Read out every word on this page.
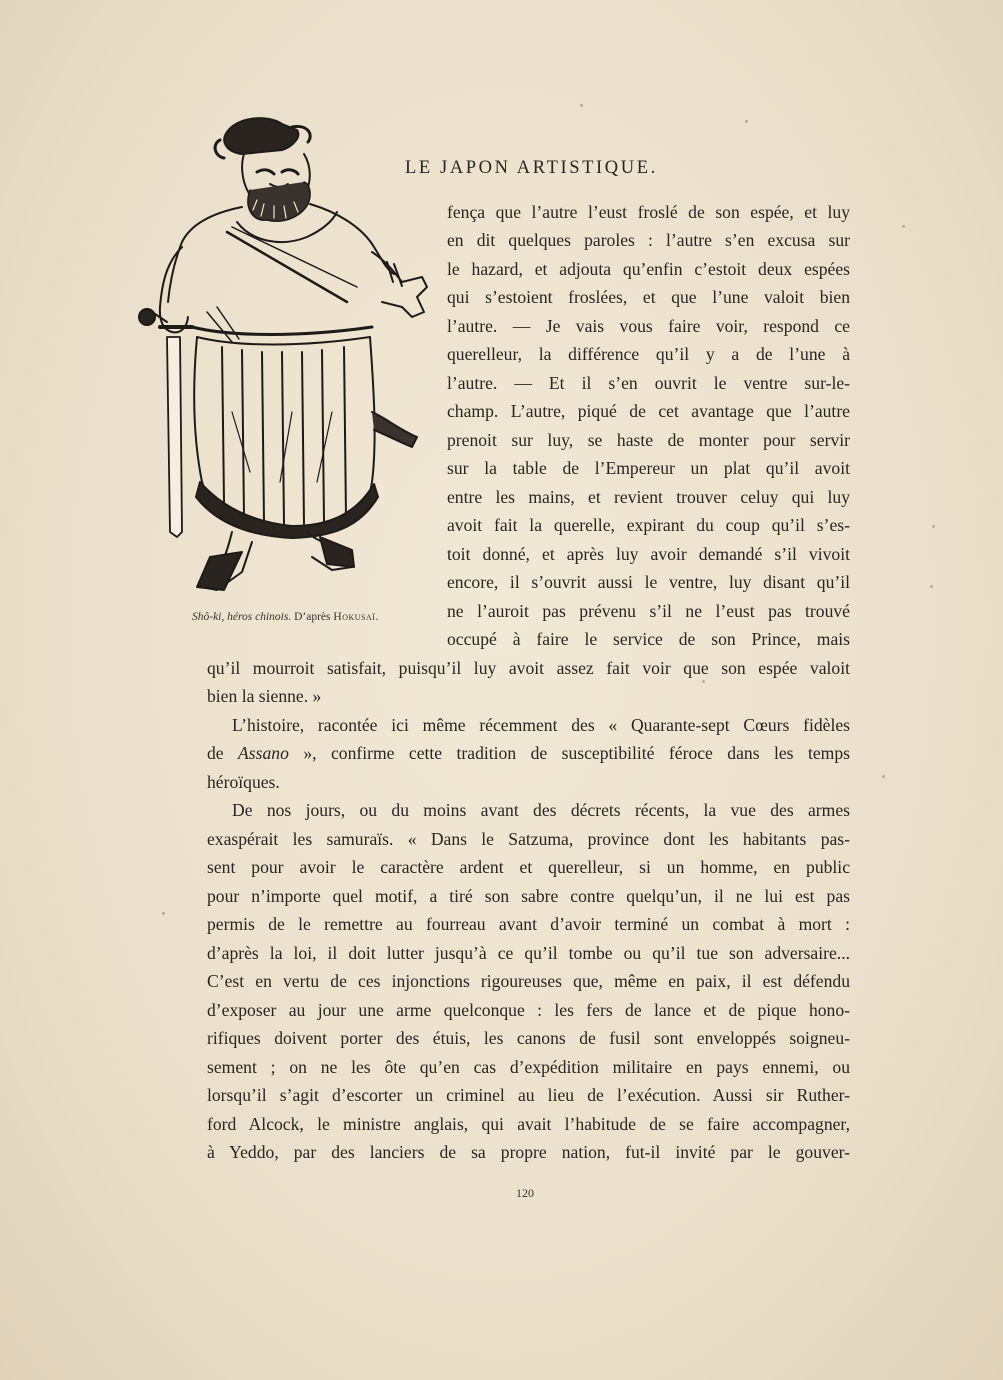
LE JAPON ARTISTIQUE.
Shô-ki, héros chinois. D’après Hokusaï.
fença que l’autre l’eust froslé de son espée, et luy
en dit quelques paroles : l’autre s’en excusa sur
le hazard, et adjouta qu’enfin c’estoit deux espées
qui s’estoient froslées, et que l’une valoit bien
l’autre. — Je vais vous faire voir, respond ce
querelleur, la différence qu’il y a de l’une à
l’autre. — Et il s’en ouvrit le ventre sur-le-
champ. L’autre, piqué de cet avantage que l’autre
prenoit sur luy, se haste de monter pour servir
sur la table de l’Empereur un plat qu’il avoit
entre les mains, et revient trouver celuy qui luy
avoit fait la querelle, expirant du coup qu’il s’es-
toit donné, et après luy avoir demandé s’il vivoit
encore, il s’ouvrit aussi le ventre, luy disant qu’il
ne l’auroit pas prévenu s’il ne l’eust pas trouvé
occupé à faire le service de son Prince, mais
qu’il mourroit satisfait, puisqu’il luy avoit assez fait voir que son espée valoit
bien la sienne. »
L’histoire, racontée ici même récemment des « Quarante-sept Cœurs fidèles
de Assano », confirme cette tradition de susceptibilité féroce dans les temps
héroïques.
De nos jours, ou du moins avant des décrets récents, la vue des armes
exaspérait les samuraïs. « Dans le Satzuma, province dont les habitants pas-
sent pour avoir le caractère ardent et querelleur, si un homme, en public
pour n’importe quel motif, a tiré son sabre contre quelqu’un, il ne lui est pas
permis de le remettre au fourreau avant d’avoir terminé un combat à mort :
d’après la loi, il doit lutter jusqu’à ce qu’il tombe ou qu’il tue son adversaire...
C’est en vertu de ces injonctions rigoureuses que, même en paix, il est défendu
d’exposer au jour une arme quelconque : les fers de lance et de pique hono-
rifiques doivent porter des étuis, les canons de fusil sont enveloppés soigneu-
sement ; on ne les ôte qu’en cas d’expédition militaire en pays ennemi, ou
lorsqu’il s’agit d’escorter un criminel au lieu de l’exécution. Aussi sir Ruther-
ford Alcock, le ministre anglais, qui avait l’habitude de se faire accompagner,
à Yeddo, par des lanciers de sa propre nation, fut-il invité par le gouver-
120
